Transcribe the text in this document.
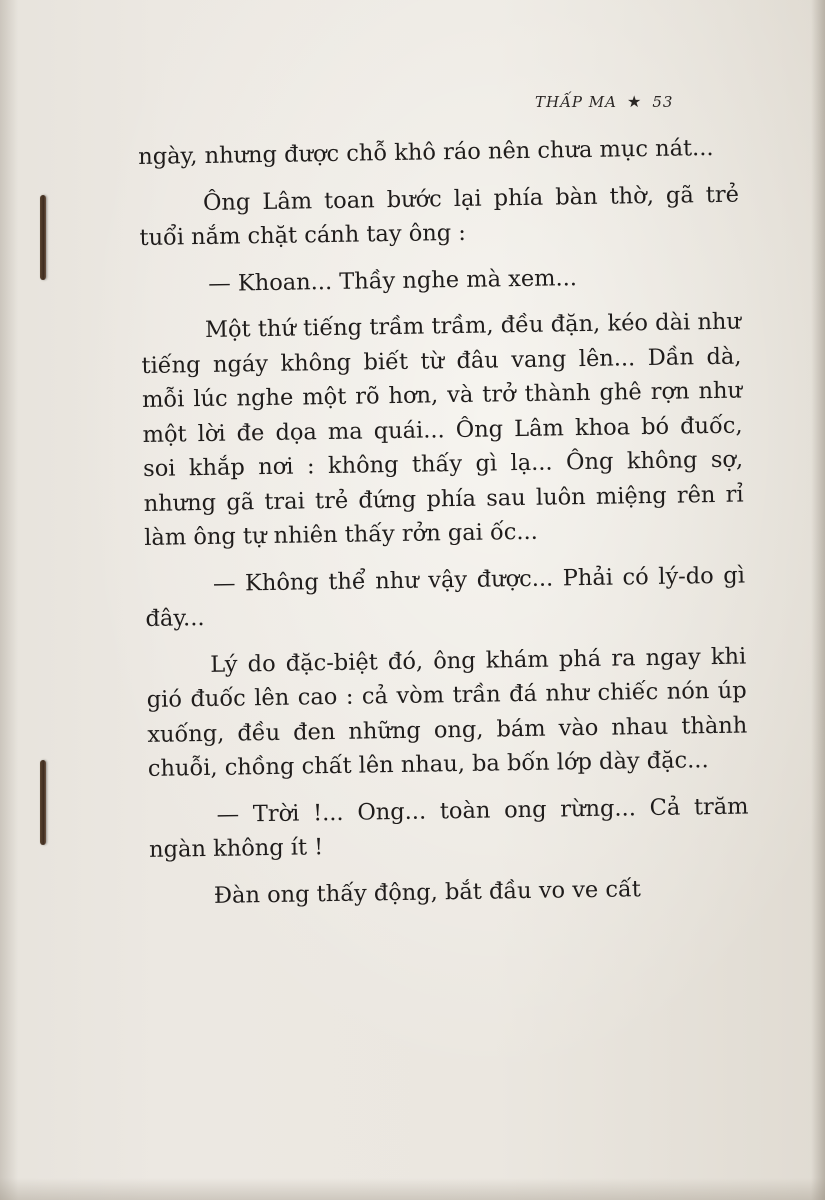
THẤP MA ★ 53

ngày, nhưng được chỗ khô ráo nên chưa mục nát...

Ông Lâm toan bước lại phía bàn thờ, gã trẻ tuổi nắm chặt cánh tay ông :

— Khoan... Thầy nghe mà xem...

Một thứ tiếng trầm trầm, đều đặn, kéo dài như tiếng ngáy không biết từ đâu vang lên... Dần dà, mỗi lúc nghe một rõ hơn, và trở thành ghê rợn như một lời đe dọa ma quái... Ông Lâm khoa bó đuốc, soi khắp nơi : không thấy gì lạ... Ông không sợ, nhưng gã trai trẻ đứng phía sau luôn miệng rên rỉ làm ông tự nhiên thấy rởn gai ốc...

— Không thể như vậy được... Phải có lý-do gì đây...

Lý do đặc-biệt đó, ông khám phá ra ngay khi gió đuốc lên cao : cả vòm trần đá như chiếc nón úp xuống, đều đen những ong, bám vào nhau thành chuỗi, chồng chất lên nhau, ba bốn lớp dày đặc...

— Trời !... Ong... toàn ong rừng... Cả trăm ngàn không ít !

Đàn ong thấy động, bắt đầu vo ve cất
